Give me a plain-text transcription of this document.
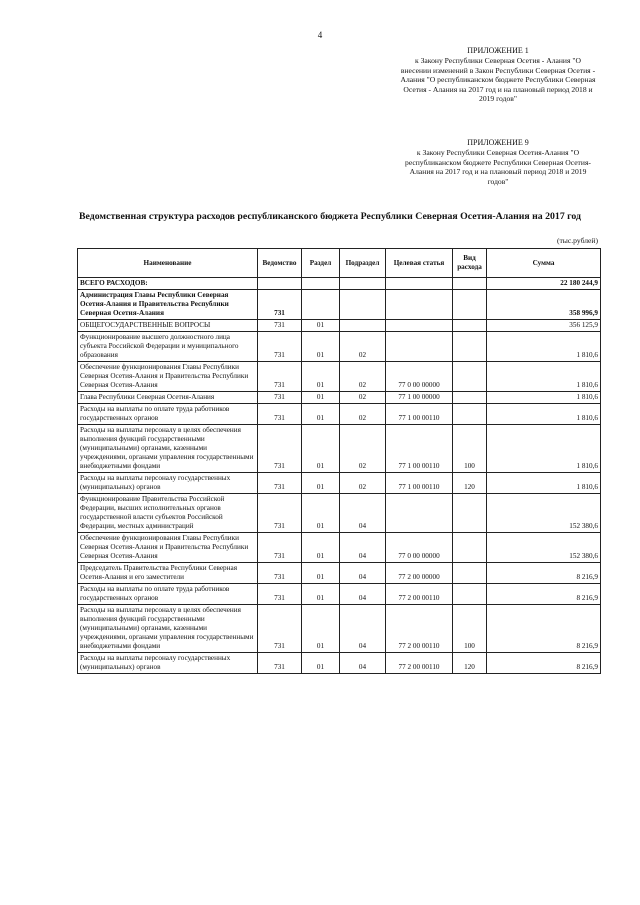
4
ПРИЛОЖЕНИЕ 1
к Закону Республики Северная Осетия - Алания "О внесении изменений в Закон Республики Северная Осетия - Алания "О республиканском бюджете Республики Северная Осетия - Алания на 2017 год и на плановый период 2018 и 2019 годов"
ПРИЛОЖЕНИЕ 9
к Закону Республики Северная Осетия-Алания "О республиканском бюджете Республики Северная Осетия-Алания на 2017 год и на плановый период 2018 и 2019 годов"
Ведомственная структура расходов республиканского бюджета Республики Северная Осетия-Алания на 2017 год
(тыс.рублей)
Наименование	Ведомство	Раздел	Подраздел	Целевая статья	Вид расхода	Сумма
ВСЕГО РАСХОДОВ:						22 180 244,9
Администрация Главы Республики Северная Осетия-Алания и Правительства Республики Северная Осетия-Алания	731					358 996,9
ОБЩЕГОСУДАРСТВЕННЫЕ ВОПРОСЫ	731	01				356 125,9
Функционирование высшего должностного лица субъекта Российской Федерации и муниципального образования	731	01	02			1 810,6
Обеспечение функционирования Главы Республики Северная Осетия-Алания и Правительства Республики Северная Осетия-Алания	731	01	02	77 0 00 00000		1 810,6
Глава Республики Северная Осетия-Алания	731	01	02	77 1 00 00000		1 810,6
Расходы на выплаты по оплате труда работников государственных органов	731	01	02	77 1 00 00110		1 810,6
Расходы на выплаты персоналу в целях обеспечения выполнения функций государственными (муниципальными) органами, казенными учреждениями, органами управления государственными внебюджетными фондами	731	01	02	77 1 00 00110	100	1 810,6
Расходы на выплаты персоналу государственных (муниципальных) органов	731	01	02	77 1 00 00110	120	1 810,6
Функционирование Правительства Российской Федерации, высших исполнительных органов государственной власти субъектов Российской Федерации, местных администраций	731	01	04			152 380,6
Обеспечение функционирования Главы Республики Северная Осетия-Алания и Правительства Республики Северная Осетия-Алания	731	01	04	77 0 00 00000		152 380,6
Председатель Правительства Республики Северная Осетия-Алания и его заместители	731	01	04	77 2 00 00000		8 216,9
Расходы на выплаты по оплате труда работников государственных органов	731	01	04	77 2 00 00110		8 216,9
Расходы на выплаты персоналу в целях обеспечения выполнения функций государственными (муниципальными) органами, казенными учреждениями, органами управления государственными внебюджетными фондами	731	01	04	77 2 00 00110	100	8 216,9
Расходы на выплаты персоналу государственных (муниципальных) органов	731	01	04	77 2 00 00110	120	8 216,9
